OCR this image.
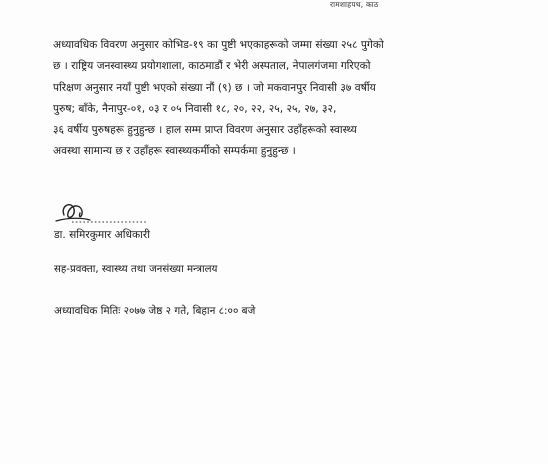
रामशाहपथ, काठ

अध्यावधिक विवरण अनुसार कोभिड-१९ का पुष्टी भएकाहरूको जम्मा संख्या २५८ पुगेको
छ । राष्ट्रिय जनस्वास्थ्य प्रयोगशाला, काठमाडौं र भेरी अस्पताल, नेपालगंजमा गरिएको
परिक्षण अनुसार नयाँ पुष्टी भएको संख्या नौं (९) छ । जो मकवानपुर निवासी ३७ वर्षीय
पुरुष; बाँके, नैनापुर-०१, ०३ र ०५ निवासी १८, २०, २२, २५, २५, २७, ३२,
३६ वर्षीय पुरुषहरू हुनुहुन्छ । हाल सम्म प्राप्त विवरण अनुसार उहाँहरूको स्वास्थ्य
अवस्था सामान्य छ र उहाँहरू स्वास्थ्यकर्मीको सम्पर्कमा हुनुहुन्छ ।

डा. समिरकुमार अधिकारी
सह-प्रवक्ता, स्वास्थ्य तथा जनसंख्या मन्त्रालय
अध्यावधिक मितिः २०७७ जेष्ठ २ गते, बिहान ८:०० बजे
